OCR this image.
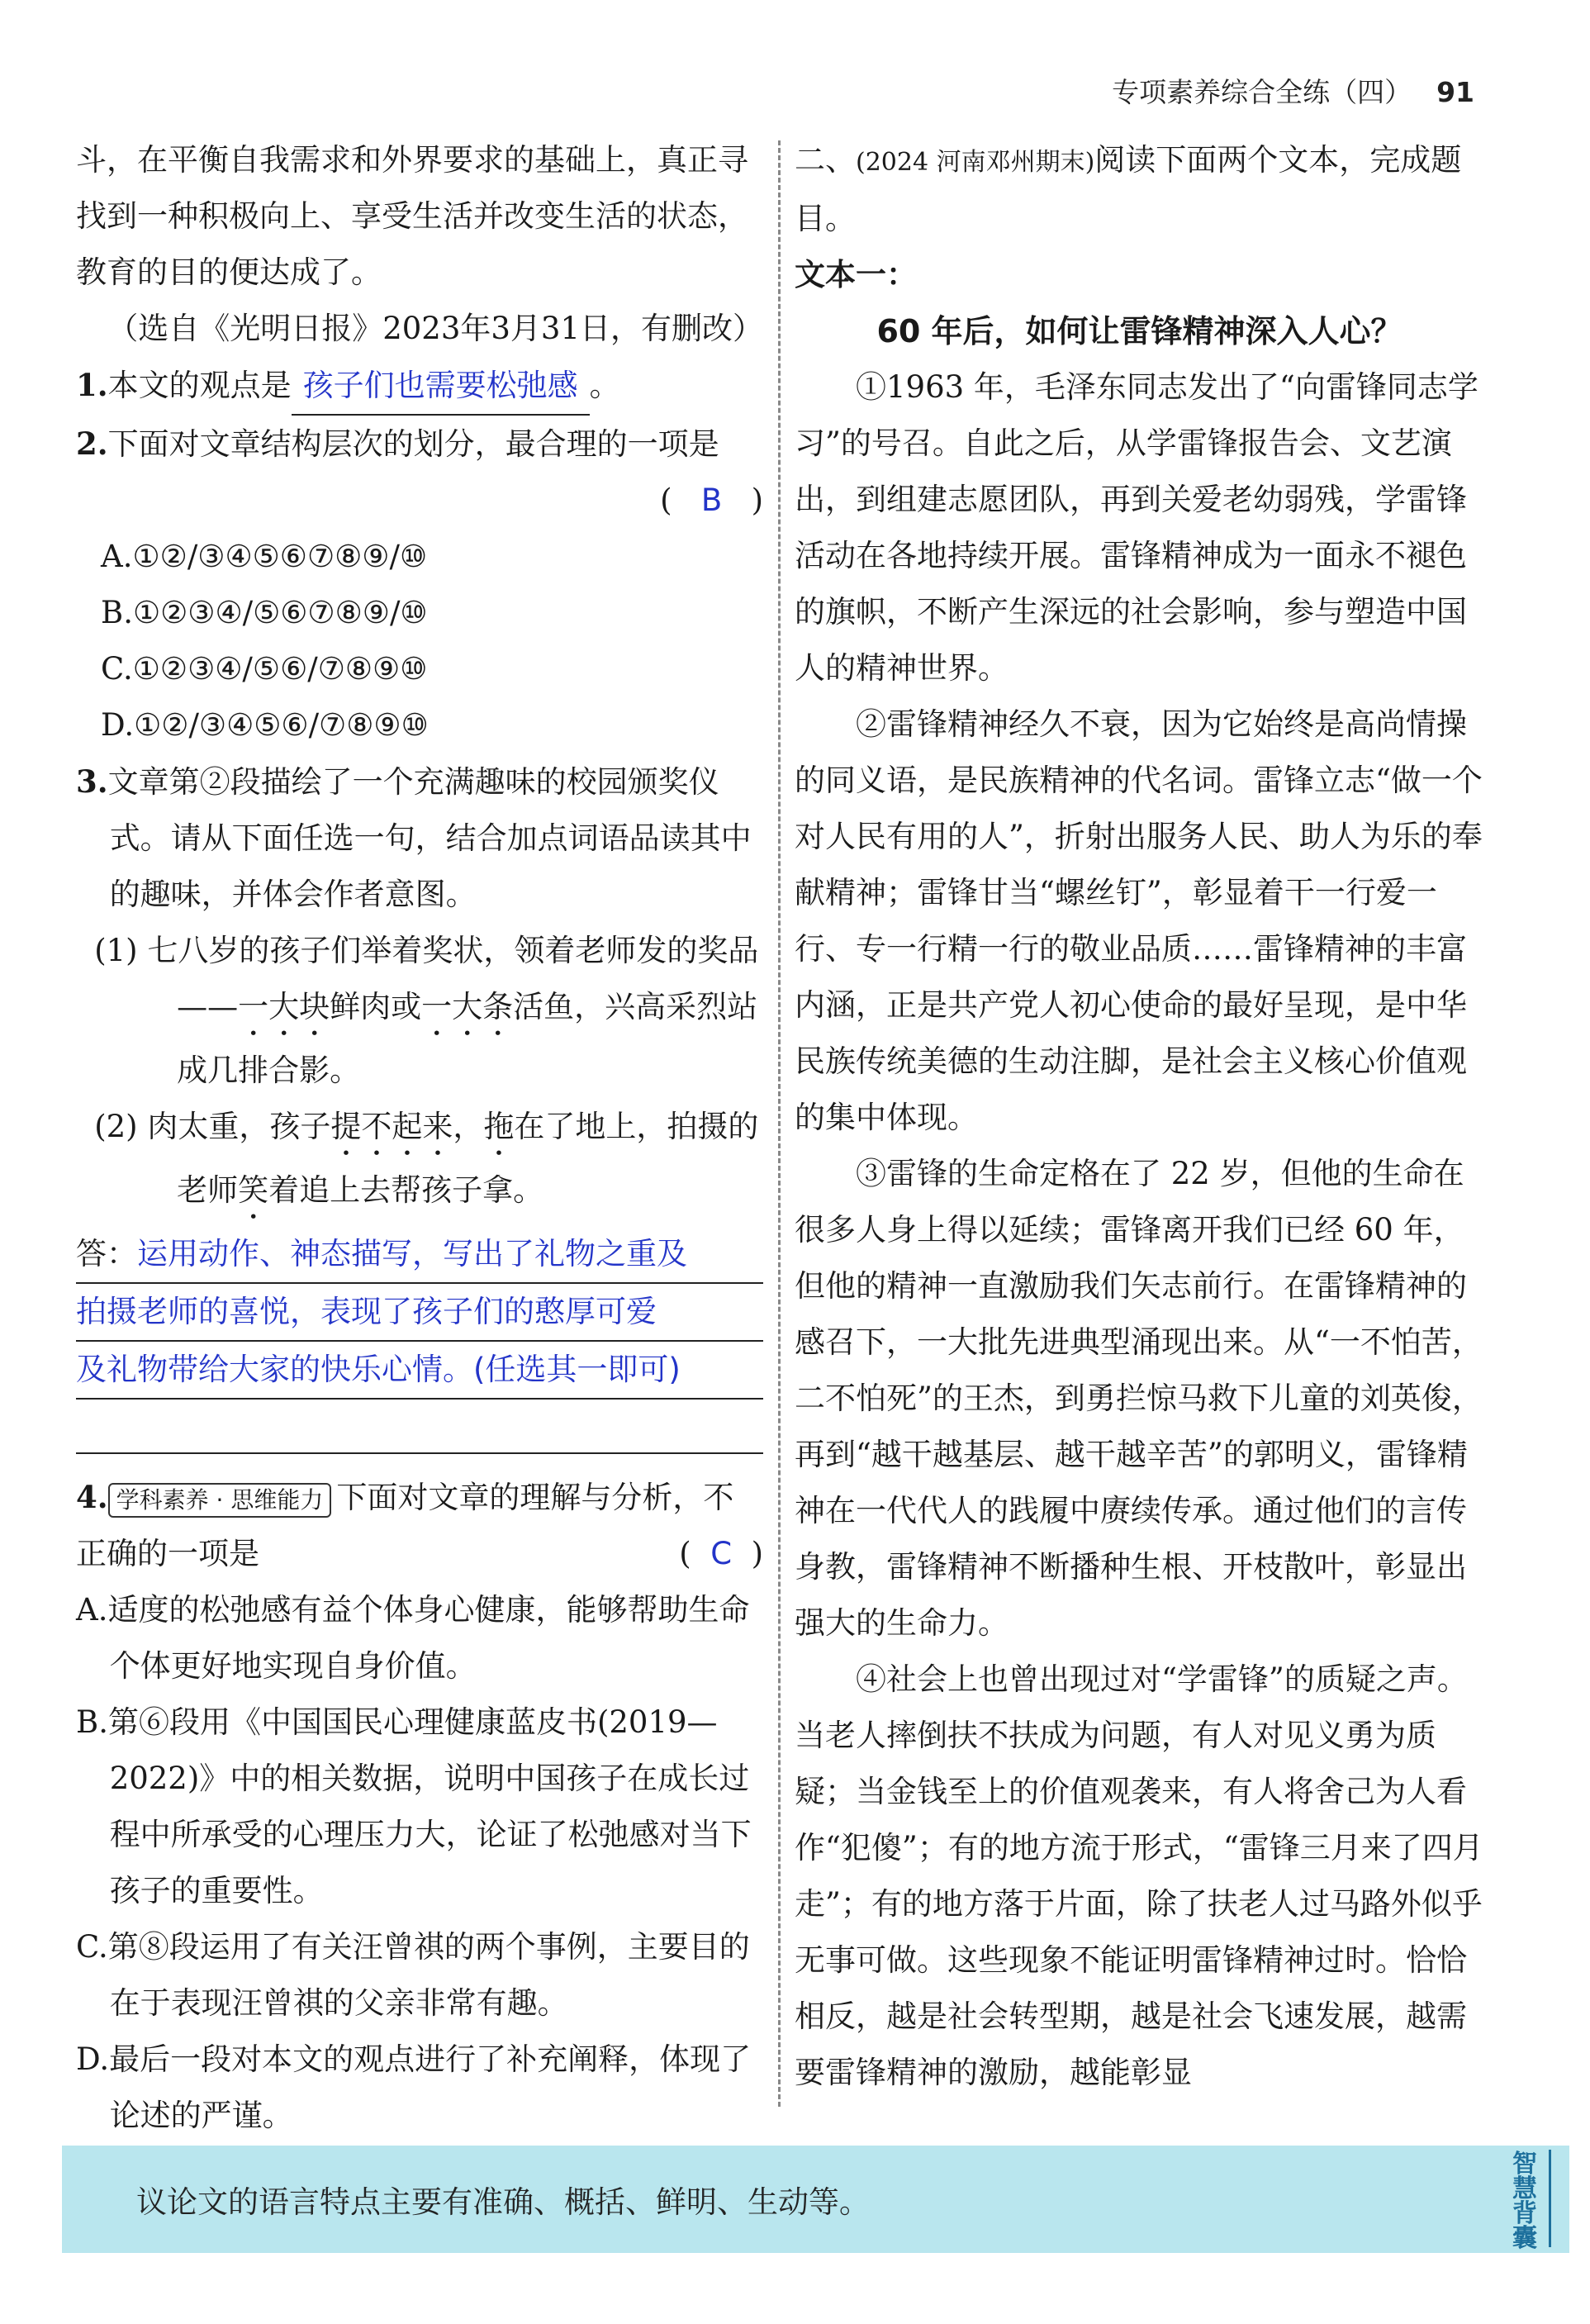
专项素养综合全练（四） 91

斗，在平衡自我需求和外界要求的基础上，真正寻找到一种积极向上、享受生活并改变生活的状态，教育的目的便达成了。

（选自《光明日报》2023年3月31日，有删改）

1.本文的观点是 孩子们也需要松弛感 。

2.下面对文章结构层次的划分，最合理的一项是

( B )

A.①②/③④⑤⑥⑦⑧⑨/⑩

B.①②③④/⑤⑥⑦⑧⑨/⑩

C.①②③④/⑤⑥/⑦⑧⑨⑩

D.①②/③④⑤⑥/⑦⑧⑨⑩

3.文章第②段描绘了一个充满趣味的校园颁奖仪式。请从下面任选一句，结合加点词语品读其中的趣味，并体会作者意图。

(1) 七八岁的孩子们举着奖状，领着老师发的奖品——一大块鲜肉或一大条活鱼，兴高采烈站成几排合影。

(2) 肉太重，孩子提不起来，拖在了地上，拍摄的老师笑着追上去帮孩子拿。

答：运用动作、神态描写，写出了礼物之重及

拍摄老师的喜悦，表现了孩子们的憨厚可爱

及礼物带给大家的快乐心情。(任选其一即可)

4. 学科素养 · 思维能力 下面对文章的理解与分析，不正确的一项是	( C )

A.适度的松弛感有益个体身心健康，能够帮助生命个体更好地实现自身价值。

B.第⑥段用《中国国民心理健康蓝皮书(2019—2022)》中的相关数据，说明中国孩子在成长过程中所承受的心理压力大，论证了松弛感对当下孩子的重要性。

C.第⑧段运用了有关汪曾祺的两个事例，主要目的在于表现汪曾祺的父亲非常有趣。

D.最后一段对本文的观点进行了补充阐释，体现了论述的严谨。

二、(2024 河南邓州期末)阅读下面两个文本，完成题目。

文本一：

60 年后，如何让雷锋精神深入人心？

①1963 年，毛泽东同志发出了“向雷锋同志学习”的号召。自此之后，从学雷锋报告会、文艺演出，到组建志愿团队，再到关爱老幼弱残，学雷锋活动在各地持续开展。雷锋精神成为一面永不褪色的旗帜，不断产生深远的社会影响，参与塑造中国人的精神世界。

②雷锋精神经久不衰，因为它始终是高尚情操的同义语，是民族精神的代名词。雷锋立志“做一个对人民有用的人”，折射出服务人民、助人为乐的奉献精神；雷锋甘当“螺丝钉”，彰显着干一行爱一行、专一行精一行的敬业品质……雷锋精神的丰富内涵，正是共产党人初心使命的最好呈现，是中华民族传统美德的生动注脚，是社会主义核心价值观的集中体现。

③雷锋的生命定格在了 22 岁，但他的生命在很多人身上得以延续；雷锋离开我们已经 60 年，但他的精神一直激励我们矢志前行。在雷锋精神的感召下，一大批先进典型涌现出来。从“一不怕苦，二不怕死”的王杰，到勇拦惊马救下儿童的刘英俊，再到“越干越基层、越干越辛苦”的郭明义，雷锋精神在一代代人的践履中赓续传承。通过他们的言传身教，雷锋精神不断播种生根、开枝散叶，彰显出强大的生命力。

④社会上也曾出现过对“学雷锋”的质疑之声。当老人摔倒扶不扶成为问题，有人对见义勇为质疑；当金钱至上的价值观袭来，有人将舍己为人看作“犯傻”；有的地方流于形式，“雷锋三月来了四月走”；有的地方落于片面，除了扶老人过马路外似乎无事可做。这些现象不能证明雷锋精神过时。恰恰相反，越是社会转型期，越是社会飞速发展，越需要雷锋精神的激励，越能彰显

议论文的语言特点主要有准确、概括、鲜明、生动等。
智慧背囊
